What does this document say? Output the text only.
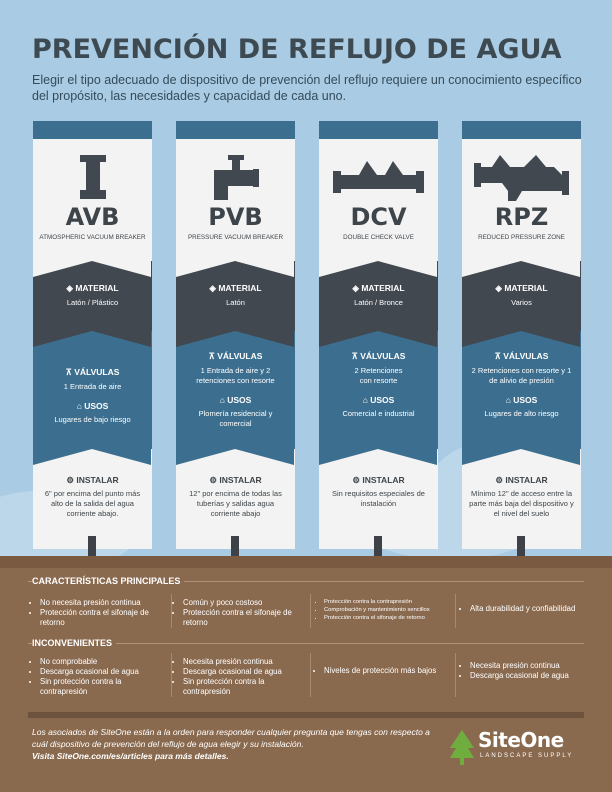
PREVENCIÓN DE REFLUJO DE AGUA

Elegir el tipo adecuado de dispositivo de prevención del reflujo requiere un conocimiento específico del propósito, las necesidades y capacidad de cada uno.

AVB
ATMOSPHERIC VACUUM BREAKER
◈ MATERIAL
Latón / Plástico
⊼ VÁLVULAS
1 Entrada de aire
⌂ USOS
Lugares de bajo riesgo
⚙ INSTALAR
6" por encima del punto más alto de la salida del agua corriente abajo.
PVB
PRESSURE VACUUM BREAKER
◈ MATERIAL
Latón
⊼ VÁLVULAS
1 Entrada de aire y 2 retenciones con resorte
⌂ USOS
Plomería residencial y comercial
⚙ INSTALAR
12" por encima de todas las tuberías y salidas agua corriente abajo
DCV
DOUBLE CHECK VALVE
◈ MATERIAL
Latón / Bronce
⊼ VÁLVULAS
2 Retenciones con resorte
⌂ USOS
Comercial e industrial
⚙ INSTALAR
Sin requisitos especiales de instalación
RPZ
REDUCED PRESSURE ZONE
◈ MATERIAL
Varios
⊼ VÁLVULAS
2 Retenciones con resorte y 1 de alivio de presión
⌂ USOS
Lugares de alto riesgo
⚙ INSTALAR
Mínimo 12" de acceso entre la parte más baja del dispositivo y el nivel del suelo
CARACTERÍSTICAS PRINCIPALES
• No necesita presión continua
• Protección contra el sifonaje de retorno
• Común y poco costoso
• Protección contra el sifonaje de retorno
• Protección contra la contrapresión
• Comprobación y mantenimiento sencillos
• Protección contra el sifonaje de retorno
• Alta durabilidad y confiabilidad
INCONVENIENTES
• No comprobable
• Descarga ocasional de agua
• Sin protección contra la contrapresión
• Necesita presión continua
• Descarga ocasional de agua
• Sin protección contra la contrapresión
• Niveles de protección más bajos
• Necesita presión continua
• Descarga ocasional de agua
Los asociados de SiteOne están a la orden para responder cualquier pregunta que tengas con respecto a cuál dispositivo de prevención del reflujo de agua elegir y su instalación.
Visita SiteOne.com/es/articles para más detalles.
SiteOne
LANDSCAPE SUPPLY
